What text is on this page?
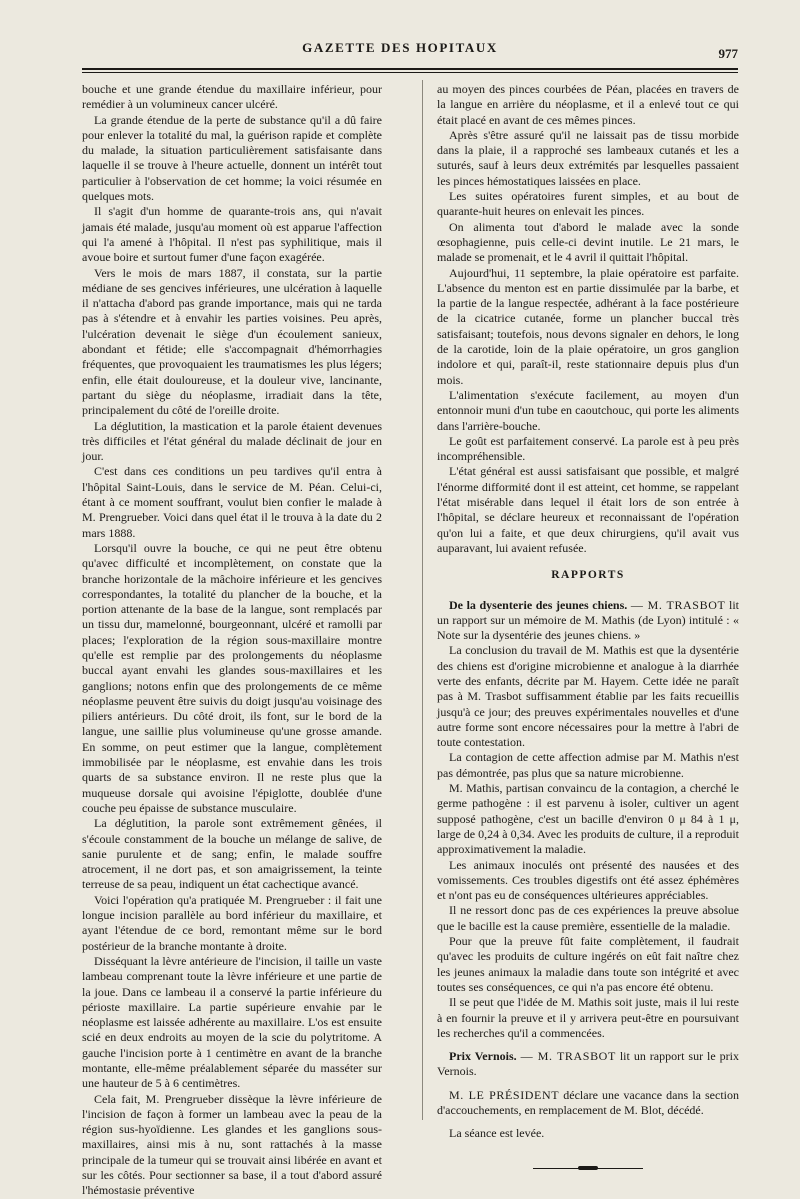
GAZETTE DES HOPITAUX	977

bouche et une grande étendue du maxillaire inférieur, pour remédier à un volumineux cancer ulcéré.

La grande étendue de la perte de substance qu'il a dû faire pour enlever la totalité du mal, la guérison rapide et complète du malade, la situation particulièrement satisfaisante dans laquelle il se trouve à l'heure actuelle, donnent un intérêt tout particulier à l'observation de cet homme; la voici résumée en quelques mots.

Il s'agit d'un homme de quarante-trois ans, qui n'avait jamais été malade, jusqu'au moment où est apparue l'affection qui l'a amené à l'hôpital. Il n'est pas syphilitique, mais il avoue boire et surtout fumer d'une façon exagérée.

Vers le mois de mars 1887, il constata, sur la partie médiane de ses gencives inférieures, une ulcération à laquelle il n'attacha d'abord pas grande importance, mais qui ne tarda pas à s'étendre et à envahir les parties voisines. Peu après, l'ulcération devenait le siège d'un écoulement sanieux, abondant et fétide; elle s'accompagnait d'hémorrhagies fréquentes, que provoquaient les traumatismes les plus légers; enfin, elle était douloureuse, et la douleur vive, lancinante, partant du siège du néoplasme, irradiait dans la tête, principalement du côté de l'oreille droite.

La déglutition, la mastication et la parole étaient devenues très difficiles et l'état général du malade déclinait de jour en jour.

C'est dans ces conditions un peu tardives qu'il entra à l'hôpital Saint-Louis, dans le service de M. Péan. Celui-ci, étant à ce moment souffrant, voulut bien confier le malade à M. Prengrueber. Voici dans quel état il le trouva à la date du 2 mars 1888.

Lorsqu'il ouvre la bouche, ce qui ne peut être obtenu qu'avec difficulté et incomplètement, on constate que la branche horizontale de la mâchoire inférieure et les gencives correspondantes, la totalité du plancher de la bouche, et la portion attenante de la base de la langue, sont remplacés par un tissu dur, mamelonné, bourgeonnant, ulcéré et ramolli par places; l'exploration de la région sous-maxillaire montre qu'elle est remplie par des prolongements du néoplasme buccal ayant envahi les glandes sous-maxillaires et les ganglions; notons enfin que des prolongements de ce même néoplasme peuvent être suivis du doigt jusqu'au voisinage des piliers antérieurs. Du côté droit, ils font, sur le bord de la langue, une saillie plus volumineuse qu'une grosse amande. En somme, on peut estimer que la langue, complètement immobilisée par le néoplasme, est envahie dans les trois quarts de sa substance environ. Il ne reste plus que la muqueuse dorsale qui avoisine l'épiglotte, doublée d'une couche peu épaisse de substance musculaire.

La déglutition, la parole sont extrêmement gênées, il s'écoule constamment de la bouche un mélange de salive, de sanie purulente et de sang; enfin, le malade souffre atrocement, il ne dort pas, et son amaigrissement, la teinte terreuse de sa peau, indiquent un état cachectique avancé.

Voici l'opération qu'a pratiquée M. Prengrueber : il fait une longue incision parallèle au bord inférieur du maxillaire, et ayant l'étendue de ce bord, remontant même sur le bord postérieur de la branche montante à droite.

Disséquant la lèvre antérieure de l'incision, il taille un vaste lambeau comprenant toute la lèvre inférieure et une partie de la joue. Dans ce lambeau il a conservé la partie inférieure du périoste maxillaire. La partie supérieure envahie par le néoplasme est laissée adhérente au maxillaire. L'os est ensuite scié en deux endroits au moyen de la scie du polytritome. A gauche l'incision porte à 1 centimètre en avant de la branche montante, elle-même préalablement séparée du masséter sur une hauteur de 5 à 6 centimètres.

Cela fait, M. Prengrueber dissèque la lèvre inférieure de l'incision de façon à former un lambeau avec la peau de la région sus-hyoïdienne. Les glandes et les ganglions sous-maxillaires, ainsi mis à nu, sont rattachés à la masse principale de la tumeur qui se trouvait ainsi libérée en avant et sur les côtés. Pour sectionner sa base, il a tout d'abord assuré l'hémostasie préventive

au moyen des pinces courbées de Péan, placées en travers de la langue en arrière du néoplasme, et il a enlevé tout ce qui était placé en avant de ces mêmes pinces.

Après s'être assuré qu'il ne laissait pas de tissu morbide dans la plaie, il a rapproché ses lambeaux cutanés et les a suturés, sauf à leurs deux extrémités par lesquelles passaient les pinces hémostatiques laissées en place.

Les suites opératoires furent simples, et au bout de quarante-huit heures on enlevait les pinces.

On alimenta tout d'abord le malade avec la sonde œsophagienne, puis celle-ci devint inutile. Le 21 mars, le malade se promenait, et le 4 avril il quittait l'hôpital.

Aujourd'hui, 11 septembre, la plaie opératoire est parfaite. L'absence du menton est en partie dissimulée par la barbe, et la partie de la langue respectée, adhérant à la face postérieure de la cicatrice cutanée, forme un plancher buccal très satisfaisant; toutefois, nous devons signaler en dehors, le long de la carotide, loin de la plaie opératoire, un gros ganglion indolore et qui, paraît-il, reste stationnaire depuis plus d'un mois.

L'alimentation s'exécute facilement, au moyen d'un entonnoir muni d'un tube en caoutchouc, qui porte les aliments dans l'arrière-bouche.

Le goût est parfaitement conservé. La parole est à peu près incompréhensible.

L'état général est aussi satisfaisant que possible, et malgré l'énorme difformité dont il est atteint, cet homme, se rappelant l'état misérable dans lequel il était lors de son entrée à l'hôpital, se déclare heureux et reconnaissant de l'opération qu'on lui a faite, et que deux chirurgiens, qu'il avait vus auparavant, lui avaient refusée.

RAPPORTS

De la dysenterie des jeunes chiens. — M. TRASBOT lit un rapport sur un mémoire de M. Mathis (de Lyon) intitulé : « Note sur la dysentérie des jeunes chiens. »

La conclusion du travail de M. Mathis est que la dysentérie des chiens est d'origine microbienne et analogue à la diarrhée verte des enfants, décrite par M. Hayem. Cette idée ne paraît pas à M. Trasbot suffisamment établie par les faits recueillis jusqu'à ce jour; des preuves expérimentales nouvelles et d'une autre forme sont encore nécessaires pour la mettre à l'abri de toute contestation.

La contagion de cette affection admise par M. Mathis n'est pas démontrée, pas plus que sa nature microbienne.

M. Mathis, partisan convaincu de la contagion, a cherché le germe pathogène : il est parvenu à isoler, cultiver un agent supposé pathogène, c'est un bacille d'environ 0 μ 84 à 1 μ, large de 0,24 à 0,34. Avec les produits de culture, il a reproduit approximativement la maladie.

Les animaux inoculés ont présenté des nausées et des vomissements. Ces troubles digestifs ont été assez éphémères et n'ont pas eu de conséquences ultérieures appréciables.

Il ne ressort donc pas de ces expériences la preuve absolue que le bacille est la cause première, essentielle de la maladie.

Pour que la preuve fût faite complètement, il faudrait qu'avec les produits de culture ingérés on eût fait naître chez les jeunes animaux la maladie dans toute son intégrité et avec toutes ses conséquences, ce qui n'a pas encore été obtenu.

Il se peut que l'idée de M. Mathis soit juste, mais il lui reste à en fournir la preuve et il y arrivera peut-être en poursuivant les recherches qu'il a commencées.

Prix Vernois. — M. TRASBOT lit un rapport sur le prix Vernois.

M. LE PRÉSIDENT déclare une vacance dans la section d'accouchements, en remplacement de M. Blot, décédé.

La séance est levée.
